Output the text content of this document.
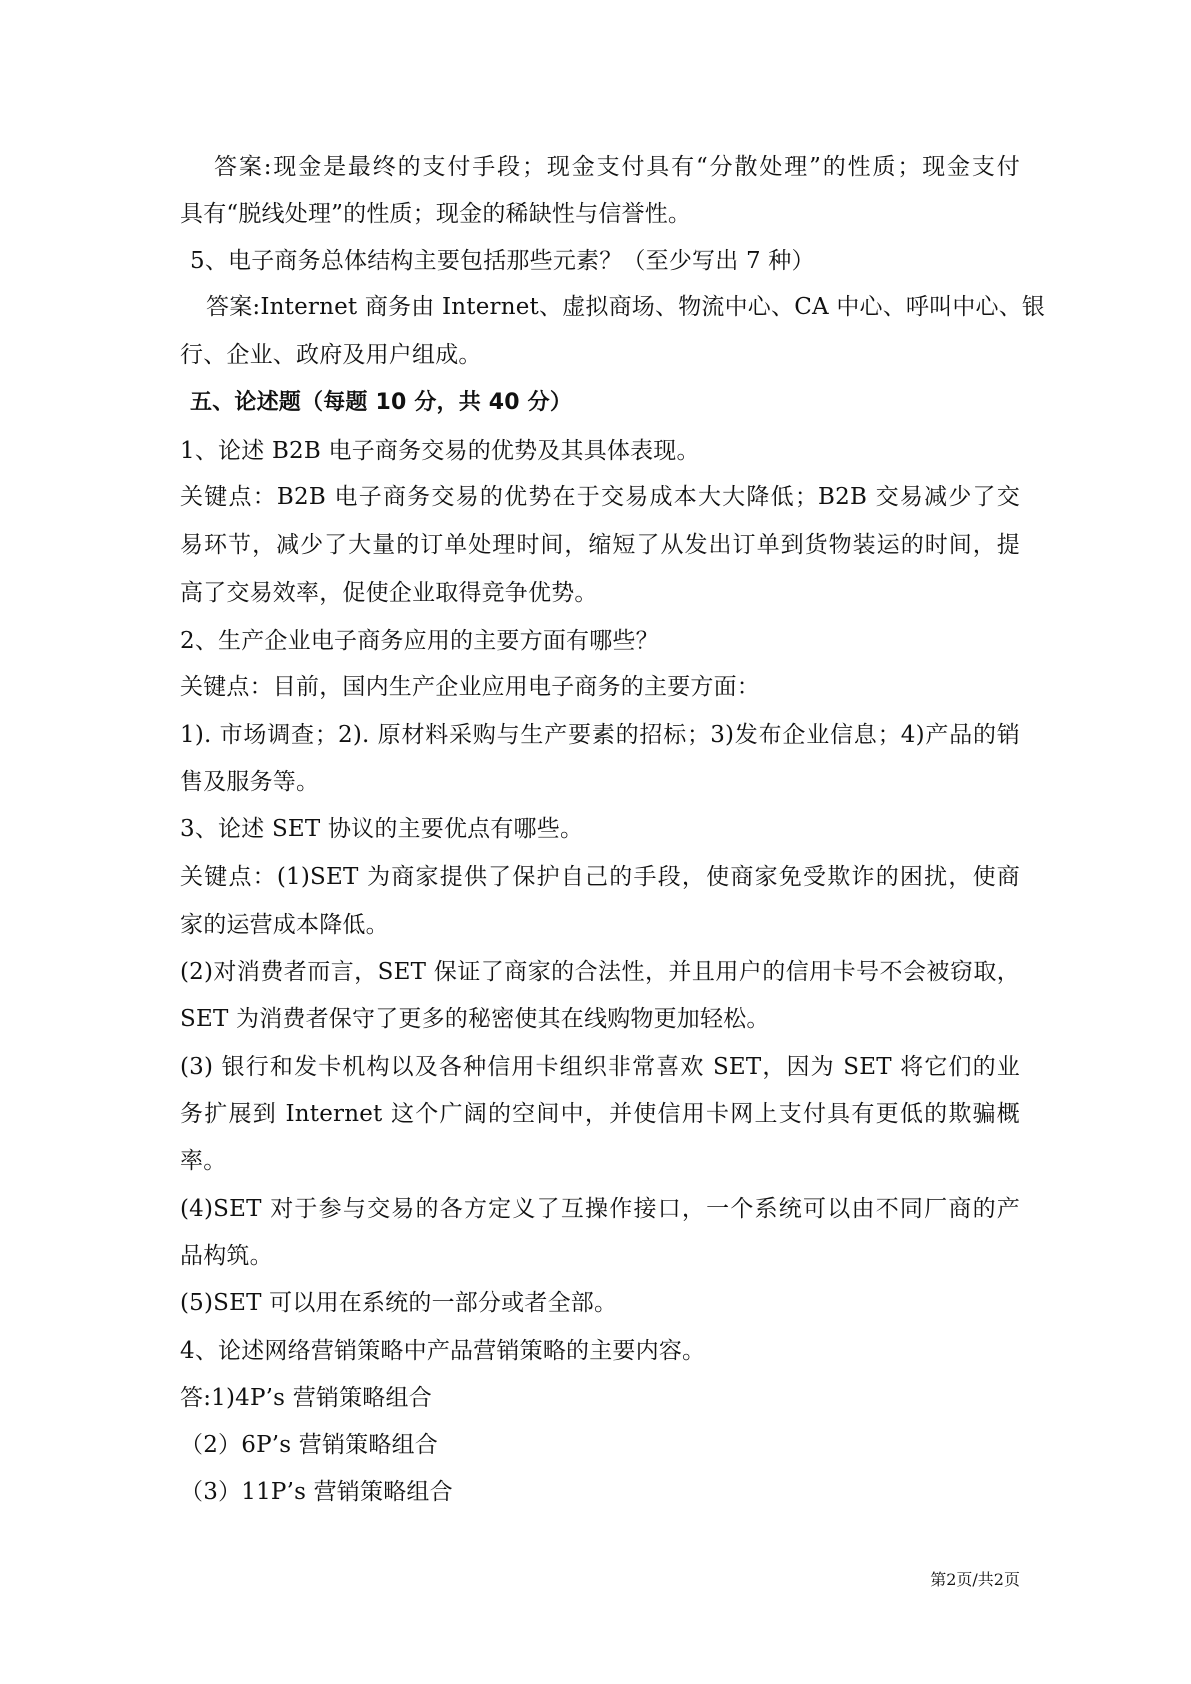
答案:现金是最终的支付手段；现金支付具有“分散处理”的性质；现金支付
具有“脱线处理”的性质；现金的稀缺性与信誉性。
5、电子商务总体结构主要包括那些元素？（至少写出 7 种）
答案:Internet 商务由 Internet、虚拟商场、物流中心、CA 中心、呼叫中心、银
行、企业、政府及用户组成。
五、论述题（每题 10 分，共 40 分）
1、论述 B2B 电子商务交易的优势及其具体表现。
关键点：B2B 电子商务交易的优势在于交易成本大大降低；B2B 交易减少了交
易环节，减少了大量的订单处理时间，缩短了从发出订单到货物装运的时间，提
高了交易效率，促使企业取得竞争优势。
2、生产企业电子商务应用的主要方面有哪些？
关键点：目前，国内生产企业应用电子商务的主要方面：
1). 市场调查；2). 原材料采购与生产要素的招标；3)发布企业信息；4)产品的销
售及服务等。
3、论述 SET 协议的主要优点有哪些。
关键点：(1)SET 为商家提供了保护自己的手段，使商家免受欺诈的困扰，使商
家的运营成本降低。
(2)对消费者而言，SET 保证了商家的合法性，并且用户的信用卡号不会被窃取，
SET 为消费者保守了更多的秘密使其在线购物更加轻松。
(3) 银行和发卡机构以及各种信用卡组织非常喜欢 SET，因为 SET 将它们的业
务扩展到 Internet 这个广阔的空间中，并使信用卡网上支付具有更低的欺骗概
率。
(4)SET 对于参与交易的各方定义了互操作接口，一个系统可以由不同厂商的产
品构筑。
(5)SET 可以用在系统的一部分或者全部。
4、论述网络营销策略中产品营销策略的主要内容。
答:1)4P’s 营销策略组合
（2）6P’s 营销策略组合
（3）11P’s 营销策略组合
第2页/共2页
